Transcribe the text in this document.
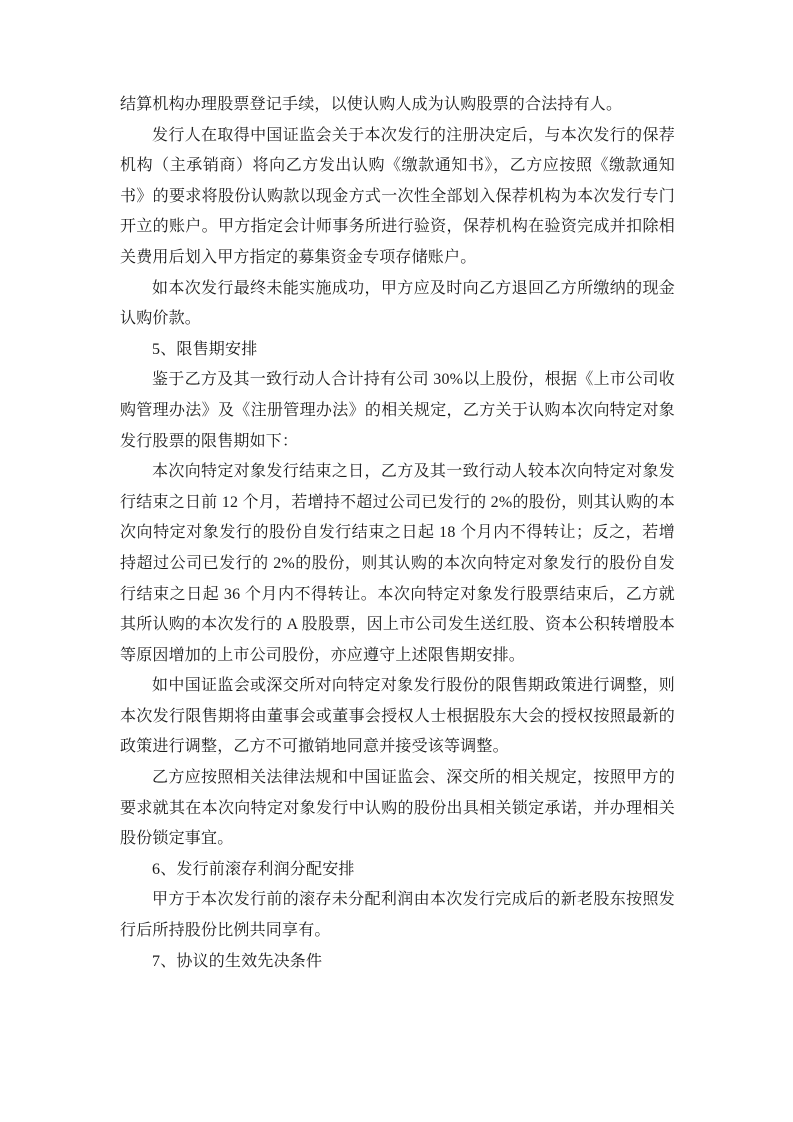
结算机构办理股票登记手续，以使认购人成为认购股票的合法持有人。

发行人在取得中国证监会关于本次发行的注册决定后，与本次发行的保荐机构（主承销商）将向乙方发出认购《缴款通知书》，乙方应按照《缴款通知书》的要求将股份认购款以现金方式一次性全部划入保荐机构为本次发行专门开立的账户。甲方指定会计师事务所进行验资，保荐机构在验资完成并扣除相关费用后划入甲方指定的募集资金专项存储账户。

如本次发行最终未能实施成功，甲方应及时向乙方退回乙方所缴纳的现金认购价款。

5、限售期安排

鉴于乙方及其一致行动人合计持有公司 30%以上股份，根据《上市公司收购管理办法》及《注册管理办法》的相关规定，乙方关于认购本次向特定对象发行股票的限售期如下：

本次向特定对象发行结束之日，乙方及其一致行动人较本次向特定对象发行结束之日前 12 个月，若增持不超过公司已发行的 2%的股份，则其认购的本次向特定对象发行的股份自发行结束之日起 18 个月内不得转让；反之，若增持超过公司已发行的 2%的股份，则其认购的本次向特定对象发行的股份自发行结束之日起 36 个月内不得转让。本次向特定对象发行股票结束后，乙方就其所认购的本次发行的 A 股股票，因上市公司发生送红股、资本公积转增股本等原因增加的上市公司股份，亦应遵守上述限售期安排。

如中国证监会或深交所对向特定对象发行股份的限售期政策进行调整，则本次发行限售期将由董事会或董事会授权人士根据股东大会的授权按照最新的政策进行调整，乙方不可撤销地同意并接受该等调整。

乙方应按照相关法律法规和中国证监会、深交所的相关规定，按照甲方的要求就其在本次向特定对象发行中认购的股份出具相关锁定承诺，并办理相关股份锁定事宜。

6、发行前滚存利润分配安排

甲方于本次发行前的滚存未分配利润由本次发行完成后的新老股东按照发行后所持股份比例共同享有。

7、协议的生效先决条件
